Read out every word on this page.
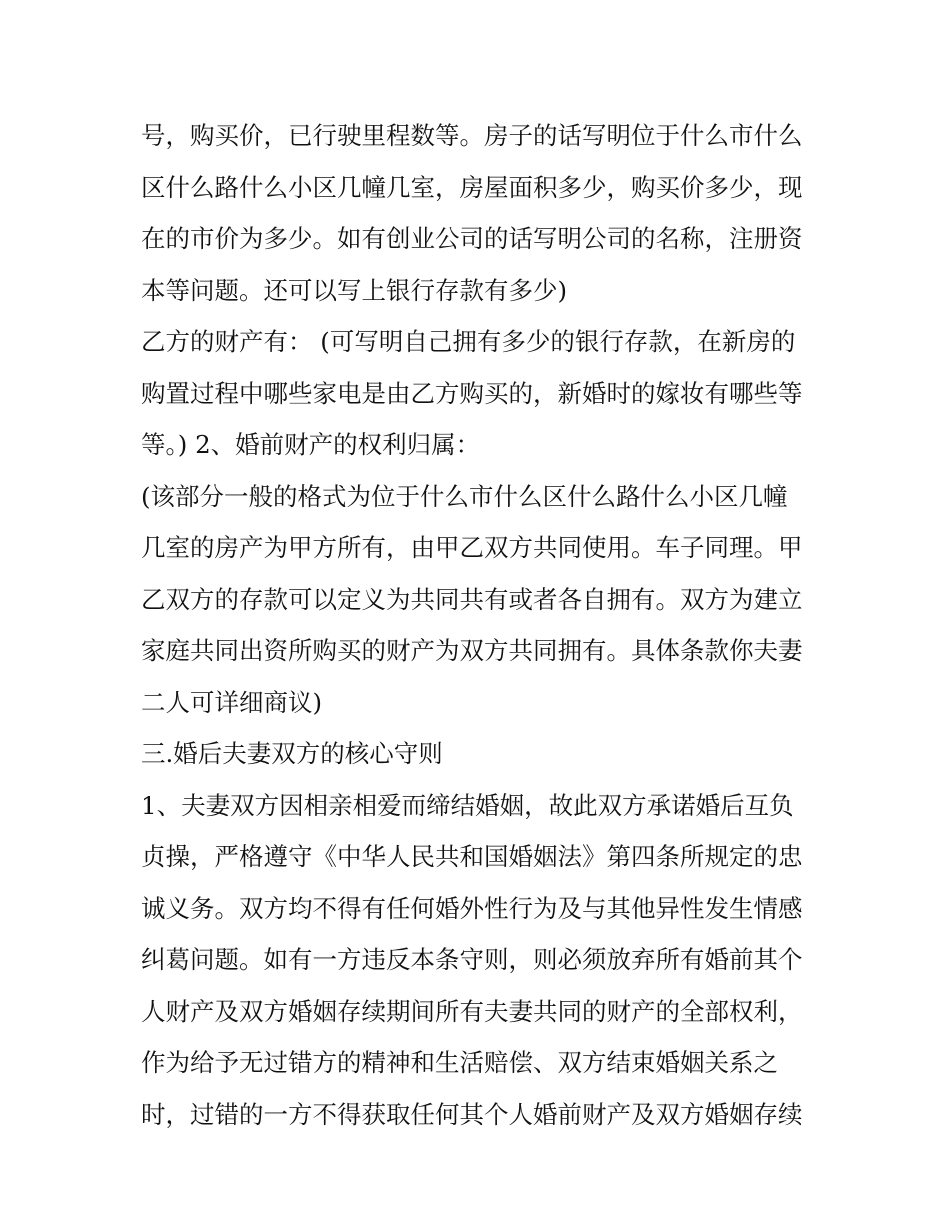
号，购买价，已行驶里程数等。房子的话写明位于什么市什么
区什么路什么小区几幢几室，房屋面积多少，购买价多少，现
在的市价为多少。如有创业公司的话写明公司的名称，注册资
本等问题。还可以写上银行存款有多少)
乙方的财产有： (可写明自己拥有多少的银行存款，在新房的
购置过程中哪些家电是由乙方购买的，新婚时的嫁妆有哪些等
等。) 2、婚前财产的权利归属：
(该部分一般的格式为位于什么市什么区什么路什么小区几幢
几室的房产为甲方所有，由甲乙双方共同使用。车子同理。甲
乙双方的存款可以定义为共同共有或者各自拥有。双方为建立
家庭共同出资所购买的财产为双方共同拥有。具体条款你夫妻
二人可详细商议)
三.婚后夫妻双方的核心守则
1、夫妻双方因相亲相爱而缔结婚姻，故此双方承诺婚后互负
贞操，严格遵守《中华人民共和国婚姻法》第四条所规定的忠
诚义务。双方均不得有任何婚外性行为及与其他异性发生情感
纠葛问题。如有一方违反本条守则，则必须放弃所有婚前其个
人财产及双方婚姻存续期间所有夫妻共同的财产的全部权利，
作为给予无过错方的精神和生活赔偿、双方结束婚姻关系之
时，过错的一方不得获取任何其个人婚前财产及双方婚姻存续
